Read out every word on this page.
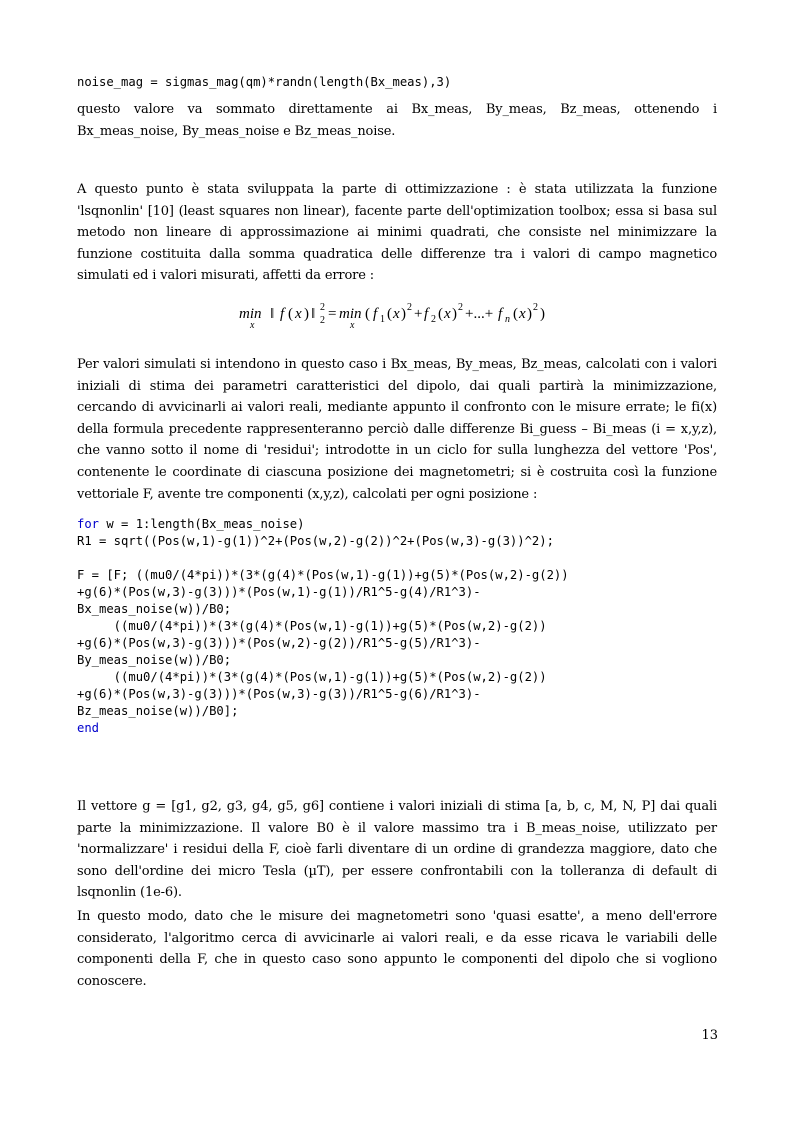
noise_mag = sigmas_mag(qm)*randn(length(Bx_meas),3)

questo valore va sommato direttamente ai Bx_meas, By_meas, Bz_meas, ottenendo i Bx_meas_noise, By_meas_noise e Bz_meas_noise.

A questo punto è stata sviluppata la parte di ottimizzazione : è stata utilizzata la funzione 'lsqnonlin' [10] (least squares non linear), facente parte dell'optimization toolbox; essa si basa sul metodo non lineare di approssimazione ai minimi quadrati, che consiste nel minimizzare la funzione costituita dalla somma quadratica delle differenze tra i valori di campo magnetico simulati ed i valori misurati, affetti da errore :

min
x
‖ f ( x ) ‖ 2
2 = min
x
( f 1 ( x ) 2 + f 2 ( x ) 2 +...+ f n ( x ) 2 )

Per valori simulati si intendono in questo caso i Bx_meas, By_meas, Bz_meas, calcolati con i valori iniziali di stima dei parametri caratteristici del dipolo, dai quali partirà la minimizzazione, cercando di avvicinarli ai valori reali, mediante appunto il confronto con le misure errate; le fi(x) della formula precedente rappresenteranno perciò dalle differenze Bi_guess – Bi_meas (i = x,y,z), che vanno sotto il nome di 'residui'; introdotte in un ciclo for sulla lunghezza del vettore 'Pos', contenente le coordinate di ciascuna posizione dei magnetometri; si è costruita così la funzione vettoriale F, avente tre componenti (x,y,z), calcolati per ogni posizione :

for w = 1:length(Bx_meas_noise)
R1 = sqrt((Pos(w,1)-g(1))^2+(Pos(w,2)-g(2))^2+(Pos(w,3)-g(3))^2);

F = [F; ((mu0/(4*pi))*(3*(g(4)*(Pos(w,1)-g(1))+g(5)*(Pos(w,2)-g(2))
+g(6)*(Pos(w,3)-g(3)))*(Pos(w,1)-g(1))/R1^5-g(4)/R1^3)-
Bx_meas_noise(w))/B0;
((mu0/(4*pi))*(3*(g(4)*(Pos(w,1)-g(1))+g(5)*(Pos(w,2)-g(2))
+g(6)*(Pos(w,3)-g(3)))*(Pos(w,2)-g(2))/R1^5-g(5)/R1^3)-
By_meas_noise(w))/B0;
((mu0/(4*pi))*(3*(g(4)*(Pos(w,1)-g(1))+g(5)*(Pos(w,2)-g(2))
+g(6)*(Pos(w,3)-g(3)))*(Pos(w,3)-g(3))/R1^5-g(6)/R1^3)-
Bz_meas_noise(w))/B0];
end

Il vettore g = [g1, g2, g3, g4, g5, g6] contiene i valori iniziali di stima [a, b, c, M, N, P] dai quali parte la minimizzazione. Il valore B0 è il valore massimo tra i B_meas_noise, utilizzato per 'normalizzare' i residui della F, cioè farli diventare di un ordine di grandezza maggiore, dato che sono dell'ordine dei micro Tesla (µT), per essere confrontabili con la tolleranza di default di lsqnonlin (1e-6).

In questo modo, dato che le misure dei magnetometri sono 'quasi esatte', a meno dell'errore considerato, l'algoritmo cerca di avvicinarle ai valori reali, e da esse ricava le variabili delle componenti della F, che in questo caso sono appunto le componenti del dipolo che si vogliono conoscere.

13
